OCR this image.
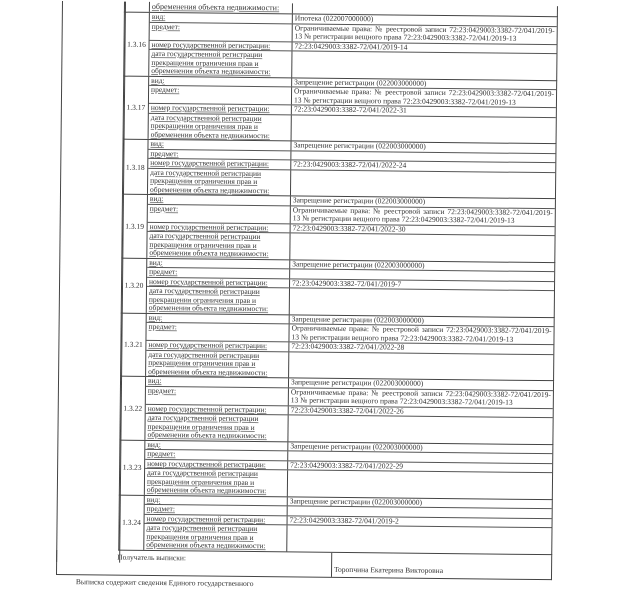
обременения объекта недвижимости:
1.3.16
вид:	Ипотека (022007000000)
предмет:	Ограничиваемые права: № реестровой записи 72:23:0429003:3382-72/041/2019-13 № регистрации вещного права 72:23:0429003:3382-72/041/2019-13
номер государственной регистрации:	72:23:0429003:3382-72/041/2019-14
дата государственной регистрации прекращения ограничения прав и обременения объекта недвижимости:
1.3.17
вид:	Запрещение регистрации (022003000000)
предмет:	Ограничиваемые права: № реестровой записи 72:23:0429003:3382-72/041/2019-13 № регистрации вещного права 72:23:0429003:3382-72/041/2019-13
номер государственной регистрации:	72:23:0429003:3382-72/041/2022-31
дата государственной регистрации прекращения ограничения прав и обременения объекта недвижимости:
1.3.18
вид:	Запрещение регистрации (022003000000)
предмет:
номер государственной регистрации:	72:23:0429003:3382-72/041/2022-24
дата государственной регистрации прекращения ограничения прав и обременения объекта недвижимости:
1.3.19
вид:	Запрещение регистрации (022003000000)
предмет:	Ограничиваемые права: № реестровой записи 72:23:0429003:3382-72/041/2019-13 № регистрации вещного права 72:23:0429003:3382-72/041/2019-13
номер государственной регистрации:	72:23:0429003:3382-72/041/2022-30
дата государственной регистрации прекращения ограничения прав и обременения объекта недвижимости:
1.3.20
вид:	Запрещение регистрации (022003000000)
предмет:
номер государственной регистрации:	72:23:0429003:3382-72/041/2019-7
дата государственной регистрации прекращения ограничения прав и обременения объекта недвижимости:
1.3.21
вид:	Запрещение регистрации (022003000000)
предмет:	Ограничиваемые права: № реестровой записи 72:23:0429003:3382-72/041/2019-13 № регистрации вещного права 72:23:0429003:3382-72/041/2019-13
номер государственной регистрации:	72:23:0429003:3382-72/041/2022-28
дата государственной регистрации прекращения ограничения прав и обременения объекта недвижимости:
1.3.22
вид:	Запрещение регистрации (022003000000)
предмет:	Ограничиваемые права: № реестровой записи 72:23:0429003:3382-72/041/2019-13 № регистрации вещного права 72:23:0429003:3382-72/041/2019-13
номер государственной регистрации:	72:23:0429003:3382-72/041/2022-26
дата государственной регистрации прекращения ограничения прав и обременения объекта недвижимости:
1.3.23
вид:	Запрещение регистрации (022003000000)
предмет:
номер государственной регистрации:	72:23:0429003:3382-72/041/2022-29
дата государственной регистрации прекращения ограничения прав и обременения объекта недвижимости:
1.3.24
вид:	Запрещение регистрации (022003000000)
предмет:
номер государственной регистрации:	72:23:0429003:3382-72/041/2019-2
дата государственной регистрации прекращения ограничения прав и обременения объекта недвижимости:
Получатель выписки:
Торопчина Екатерина Викторовна
Выписка содержит сведения Единого государственного
